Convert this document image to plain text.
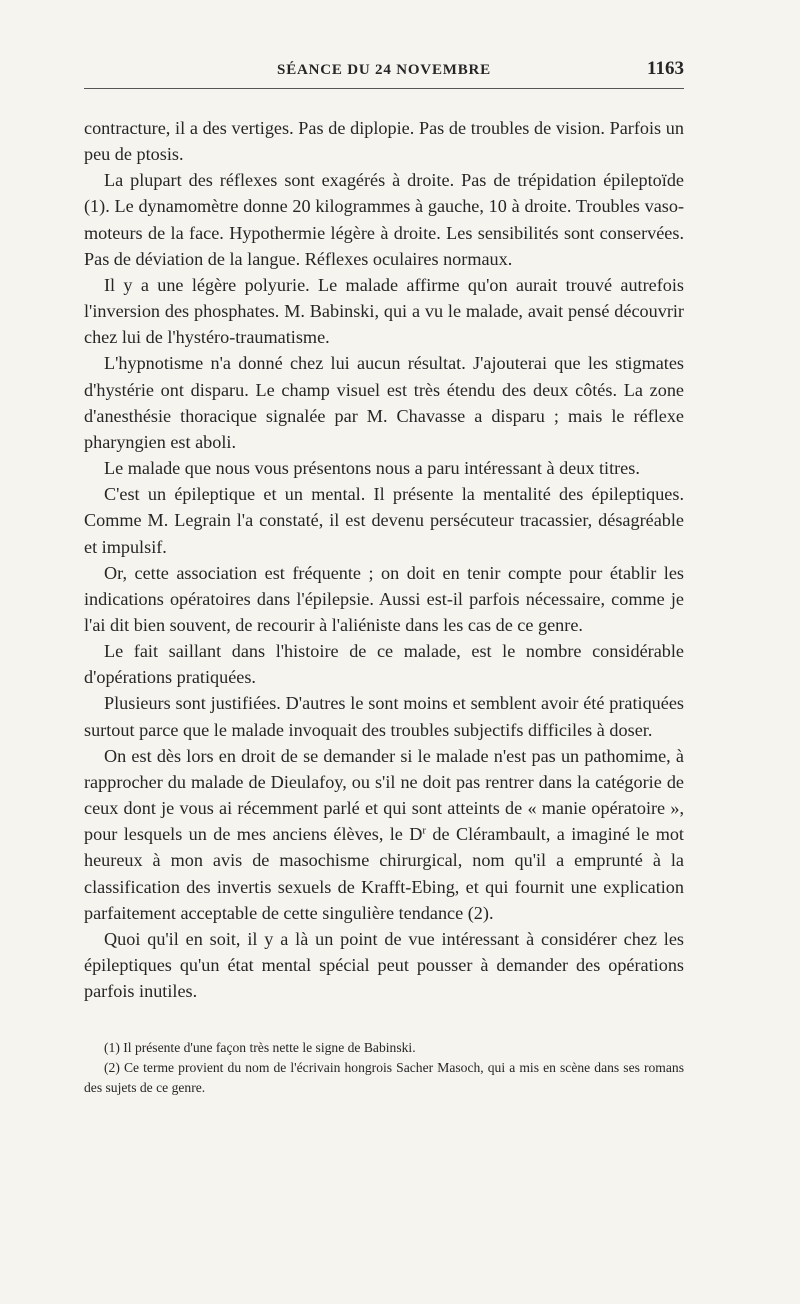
SÉANCE DU 24 NOVEMBRE	1163

contracture, il a des vertiges. Pas de diplopie. Pas de troubles de vision. Parfois un peu de ptosis.

La plupart des réflexes sont exagérés à droite. Pas de trépidation épileptoïde (1). Le dynamomètre donne 20 kilogrammes à gauche, 10 à droite. Troubles vaso-moteurs de la face. Hypothermie légère à droite. Les sensibilités sont conservées. Pas de déviation de la langue. Réflexes oculaires normaux.

Il y a une légère polyurie. Le malade affirme qu'on aurait trouvé autrefois l'inversion des phosphates. M. Babinski, qui a vu le malade, avait pensé découvrir chez lui de l'hystéro-traumatisme.

L'hypnotisme n'a donné chez lui aucun résultat. J'ajouterai que les stigmates d'hystérie ont disparu. Le champ visuel est très étendu des deux côtés. La zone d'anesthésie thoracique signalée par M. Chavasse a disparu ; mais le réflexe pharyngien est aboli.

Le malade que nous vous présentons nous a paru intéressant à deux titres.

C'est un épileptique et un mental. Il présente la mentalité des épileptiques. Comme M. Legrain l'a constaté, il est devenu persécuteur tracassier, désagréable et impulsif.

Or, cette association est fréquente ; on doit en tenir compte pour établir les indications opératoires dans l'épilepsie. Aussi est-il parfois nécessaire, comme je l'ai dit bien souvent, de recourir à l'aliéniste dans les cas de ce genre.

Le fait saillant dans l'histoire de ce malade, est le nombre considérable d'opérations pratiquées.

Plusieurs sont justifiées. D'autres le sont moins et semblent avoir été pratiquées surtout parce que le malade invoquait des troubles subjectifs difficiles à doser.

On est dès lors en droit de se demander si le malade n'est pas un pathomime, à rapprocher du malade de Dieulafoy, ou s'il ne doit pas rentrer dans la catégorie de ceux dont je vous ai récemment parlé et qui sont atteints de « manie opératoire », pour lesquels un de mes anciens élèves, le $D^r$ de Clérambault, a imaginé le mot heureux à mon avis de masochisme chirurgical, nom qu'il a emprunté à la classification des invertis sexuels de Krafft-Ebing, et qui fournit une explication parfaitement acceptable de cette singulière tendance (2).

Quoi qu'il en soit, il y a là un point de vue intéressant à considérer chez les épileptiques qu'un état mental spécial peut pousser à demander des opérations parfois inutiles.

(1) Il présente d'une façon très nette le signe de Babinski.

(2) Ce terme provient du nom de l'écrivain hongrois Sacher Masoch, qui a mis en scène dans ses romans des sujets de ce genre.
